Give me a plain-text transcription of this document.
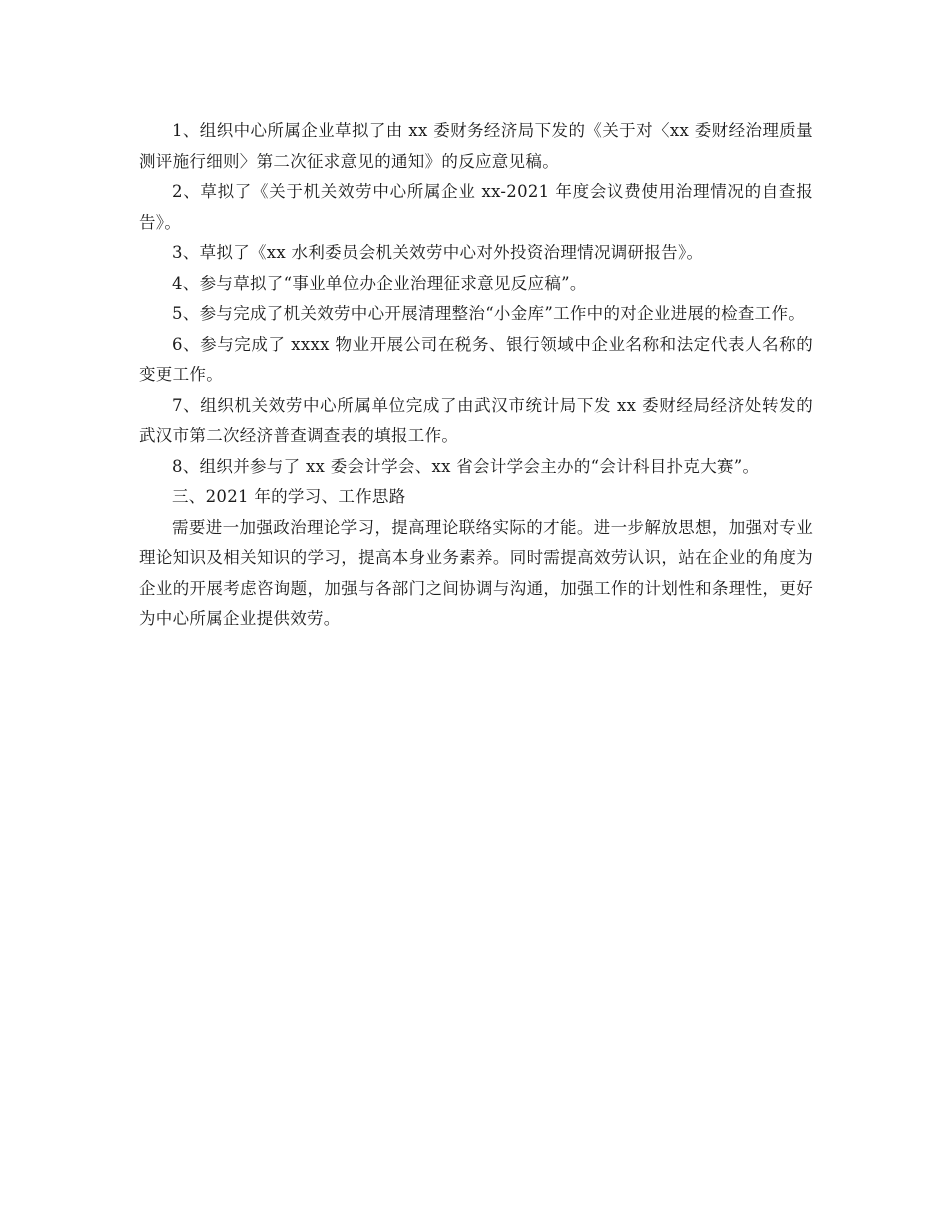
1、组织中心所属企业草拟了由 xx 委财务经济局下发的《关于对〈xx 委财经治理质量测评施行细则〉第二次征求意见的通知》的反应意见稿。

2、草拟了《关于机关效劳中心所属企业 xx-2021 年度会议费使用治理情况的自查报告》。

3、草拟了《xx 水利委员会机关效劳中心对外投资治理情况调研报告》。

4、参与草拟了“事业单位办企业治理征求意见反应稿”。

5、参与完成了机关效劳中心开展清理整治“小金库”工作中的对企业进展的检查工作。

6、参与完成了 xxxx 物业开展公司在税务、银行领域中企业名称和法定代表人名称的变更工作。

7、组织机关效劳中心所属单位完成了由武汉市统计局下发 xx 委财经局经济处转发的武汉市第二次经济普查调查表的填报工作。

8、组织并参与了 xx 委会计学会、xx 省会计学会主办的“会计科目扑克大赛”。

三、2021 年的学习、工作思路

需要进一加强政治理论学习，提高理论联络实际的才能。进一步解放思想，加强对专业理论知识及相关知识的学习，提高本身业务素养。同时需提高效劳认识，站在企业的角度为企业的开展考虑咨询题，加强与各部门之间协调与沟通，加强工作的计划性和条理性，更好为中心所属企业提供效劳。
